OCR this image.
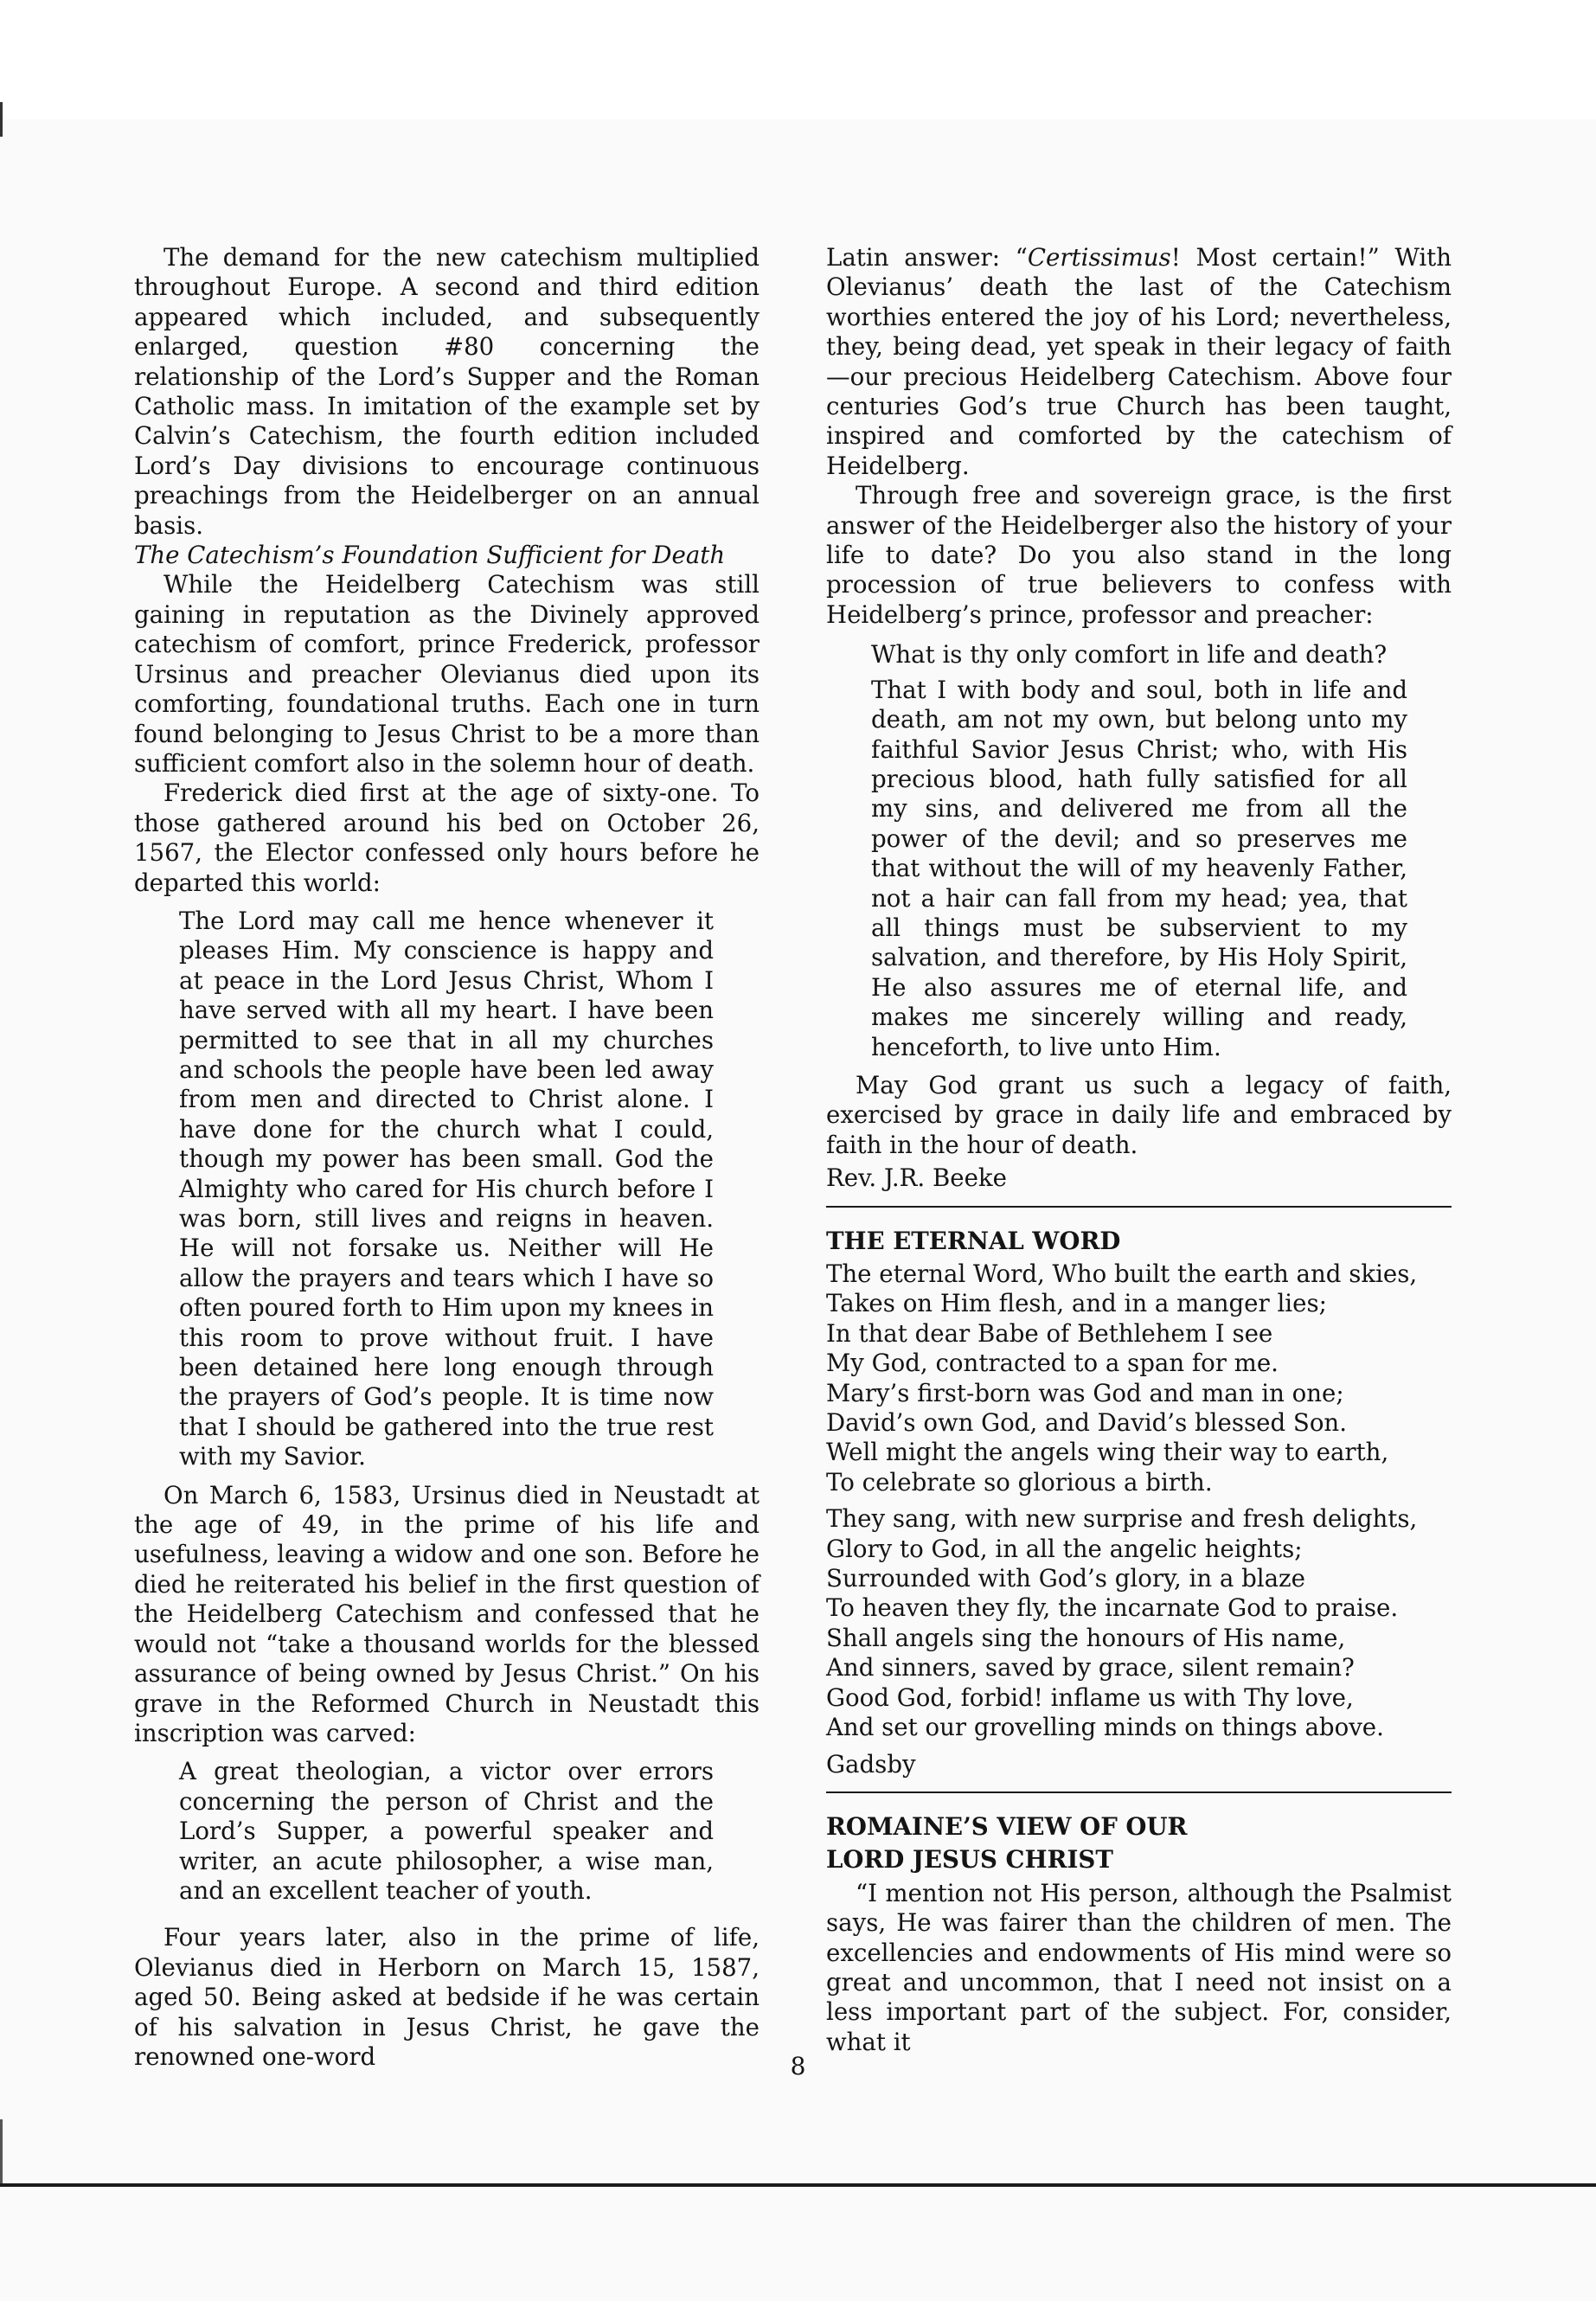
The demand for the new catechism multiplied throughout Europe. A second and third edition appeared which included, and subsequently enlarged, question #80 concerning the relationship of the Lord’s Supper and the Roman Catholic mass. In imitation of the example set by Calvin’s Catechism, the fourth edition included Lord’s Day divisions to encourage continuous preachings from the Heidelberger on an annual basis.

The Catechism’s Foundation Sufficient for Death

While the Heidelberg Catechism was still gaining in reputation as the Divinely approved catechism of comfort, prince Frederick, professor Ursinus and preacher Olevianus died upon its comforting, foundational truths. Each one in turn found belonging to Jesus Christ to be a more than sufficient comfort also in the solemn hour of death.

Frederick died first at the age of sixty-one. To those gathered around his bed on October 26, 1567, the Elector confessed only hours before he departed this world:

The Lord may call me hence whenever it pleases Him. My conscience is happy and at peace in the Lord Jesus Christ, Whom I have served with all my heart. I have been permitted to see that in all my churches and schools the people have been led away from men and directed to Christ alone. I have done for the church what I could, though my power has been small. God the Almighty who cared for His church before I was born, still lives and reigns in heaven. He will not forsake us. Neither will He allow the prayers and tears which I have so often poured forth to Him upon my knees in this room to prove without fruit. I have been detained here long enough through the prayers of God’s people. It is time now that I should be gathered into the true rest with my Savior.

On March 6, 1583, Ursinus died in Neustadt at the age of 49, in the prime of his life and usefulness, leaving a widow and one son. Before he died he reiterated his belief in the first question of the Heidelberg Catechism and confessed that he would not “take a thousand worlds for the blessed assurance of being owned by Jesus Christ.” On his grave in the Reformed Church in Neustadt this inscription was carved:

A great theologian, a victor over errors concerning the person of Christ and the Lord’s Supper, a powerful speaker and writer, an acute philosopher, a wise man, and an excellent teacher of youth.

Four years later, also in the prime of life, Olevianus died in Herborn on March 15, 1587, aged 50. Being asked at bedside if he was certain of his salvation in Jesus Christ, he gave the renowned one-word

Latin answer: “Certissimus! Most certain!” With Olevianus’ death the last of the Catechism worthies entered the joy of his Lord; nevertheless, they, being dead, yet speak in their legacy of faith—our precious Heidelberg Catechism. Above four centuries God’s true Church has been taught, inspired and comforted by the catechism of Heidelberg.

Through free and sovereign grace, is the first answer of the Heidelberger also the history of your life to date? Do you also stand in the long procession of true believers to confess with Heidelberg’s prince, professor and preacher:

What is thy only comfort in life and death?

That I with body and soul, both in life and death, am not my own, but belong unto my faithful Savior Jesus Christ; who, with His precious blood, hath fully satisfied for all my sins, and delivered me from all the power of the devil; and so preserves me that without the will of my heavenly Father, not a hair can fall from my head; yea, that all things must be subservient to my salvation, and therefore, by His Holy Spirit, He also assures me of eternal life, and makes me sincerely willing and ready, henceforth, to live unto Him.

May God grant us such a legacy of faith, exercised by grace in daily life and embraced by faith in the hour of death.

Rev. J.R. Beeke

THE ETERNAL WORD

The eternal Word, Who built the earth and skies,
Takes on Him flesh, and in a manger lies;
In that dear Babe of Bethlehem I see
My God, contracted to a span for me.
Mary’s first-born was God and man in one;
David’s own God, and David’s blessed Son.
Well might the angels wing their way to earth,
To celebrate so glorious a birth.
They sang, with new surprise and fresh delights,
Glory to God, in all the angelic heights;
Surrounded with God’s glory, in a blaze
To heaven they fly, the incarnate God to praise.
Shall angels sing the honours of His name,
And sinners, saved by grace, silent remain?
Good God, forbid! inflame us with Thy love,
And set our grovelling minds on things above.

Gadsby

ROMAINE’S VIEW OF OUR

LORD JESUS CHRIST

“I mention not His person, although the Psalmist says, He was fairer than the children of men. The excellencies and endowments of His mind were so great and uncommon, that I need not insist on a less important part of the subject. For, consider, what it

8
